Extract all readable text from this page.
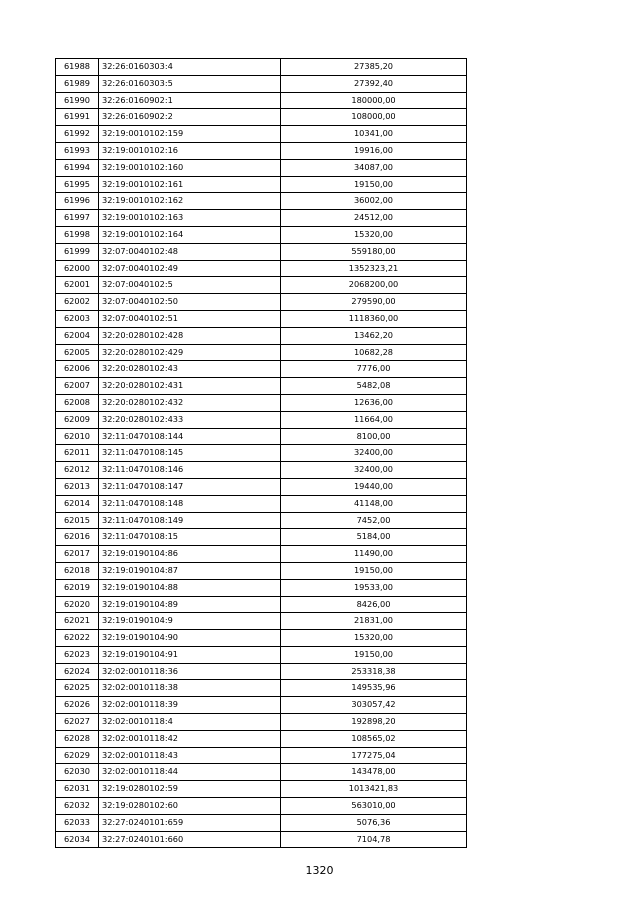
61988	32:26:0160303:4	27385,20
61989	32:26:0160303:5	27392,40
61990	32:26:0160902:1	180000,00
61991	32:26:0160902:2	108000,00
61992	32:19:0010102:159	10341,00
61993	32:19:0010102:16	19916,00
61994	32:19:0010102:160	34087,00
61995	32:19:0010102:161	19150,00
61996	32:19:0010102:162	36002,00
61997	32:19:0010102:163	24512,00
61998	32:19:0010102:164	15320,00
61999	32:07:0040102:48	559180,00
62000	32:07:0040102:49	1352323,21
62001	32:07:0040102:5	2068200,00
62002	32:07:0040102:50	279590,00
62003	32:07:0040102:51	1118360,00
62004	32:20:0280102:428	13462,20
62005	32:20:0280102:429	10682,28
62006	32:20:0280102:43	7776,00
62007	32:20:0280102:431	5482,08
62008	32:20:0280102:432	12636,00
62009	32:20:0280102:433	11664,00
62010	32:11:0470108:144	8100,00
62011	32:11:0470108:145	32400,00
62012	32:11:0470108:146	32400,00
62013	32:11:0470108:147	19440,00
62014	32:11:0470108:148	41148,00
62015	32:11:0470108:149	7452,00
62016	32:11:0470108:15	5184,00
62017	32:19:0190104:86	11490,00
62018	32:19:0190104:87	19150,00
62019	32:19:0190104:88	19533,00
62020	32:19:0190104:89	8426,00
62021	32:19:0190104:9	21831,00
62022	32:19:0190104:90	15320,00
62023	32:19:0190104:91	19150,00
62024	32:02:0010118:36	253318,38
62025	32:02:0010118:38	149535,96
62026	32:02:0010118:39	303057,42
62027	32:02:0010118:4	192898,20
62028	32:02:0010118:42	108565,02
62029	32:02:0010118:43	177275,04
62030	32:02:0010118:44	143478,00
62031	32:19:0280102:59	1013421,83
62032	32:19:0280102:60	563010,00
62033	32:27:0240101:659	5076,36
62034	32:27:0240101:660	7104,78
1320
